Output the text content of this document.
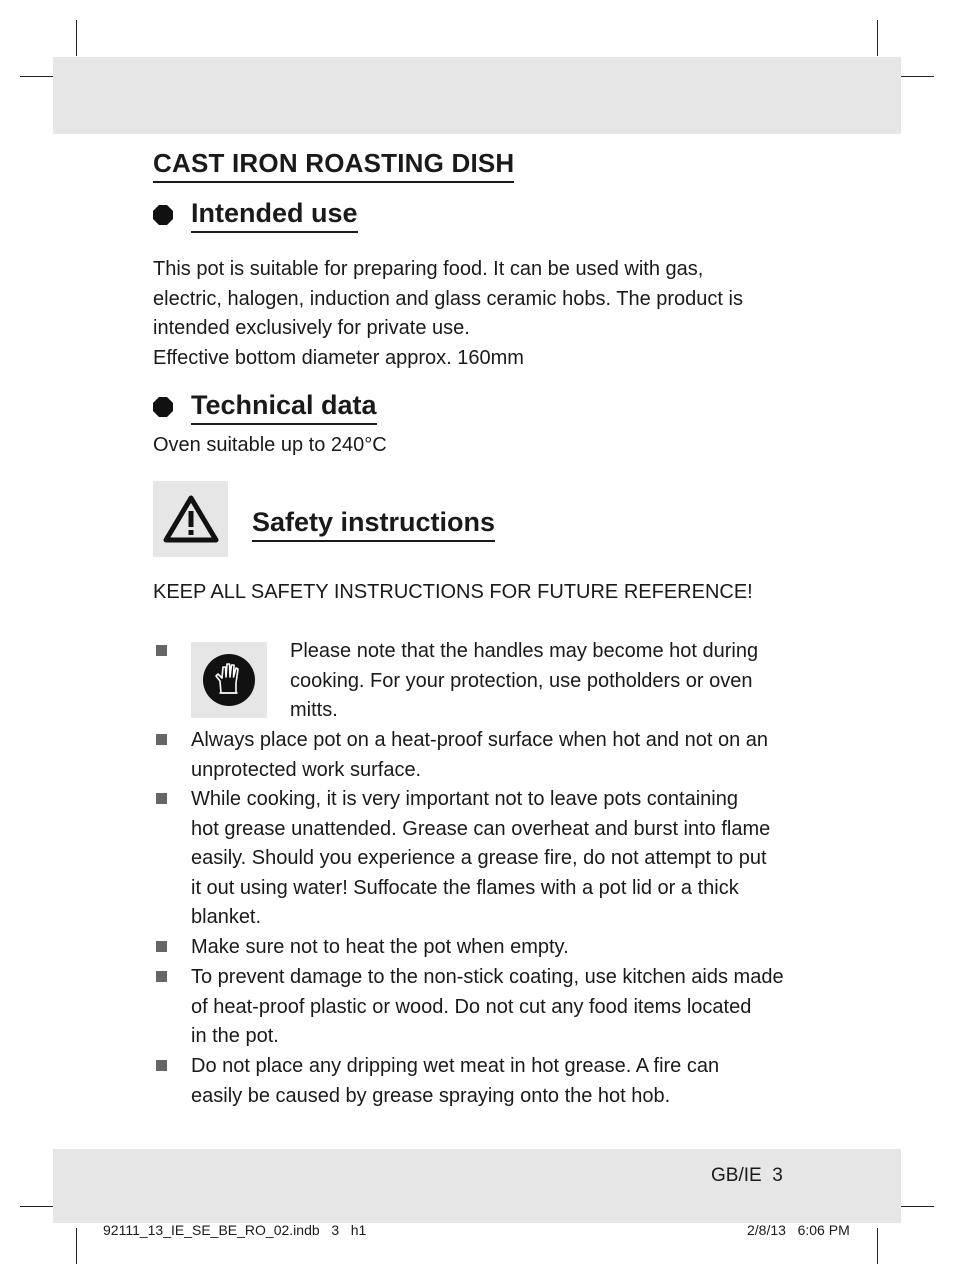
CAST IRON ROASTING DISH
Intended use

This pot is suitable for preparing food. It can be used with gas,
electric, halogen, induction and glass ceramic hobs. The product is
intended exclusively for private use.
Effective bottom diameter approx. 160mm

Technical data

Oven suitable up to 240°C

Safety instructions

KEEP ALL SAFETY INSTRUCTIONS FOR FUTURE REFERENCE!

Please note that the handles may become hot during
cooking. For your protection, use potholders or oven
mitts.

Always place pot on a heat-proof surface when hot and not on an
unprotected work surface.

While cooking, it is very important not to leave pots containing
hot grease unattended. Grease can overheat and burst into flame
easily. Should you experience a grease fire, do not attempt to put
it out using water! Suffocate the flames with a pot lid or a thick
blanket.

Make sure not to heat the pot when empty.

To prevent damage to the non-stick coating, use kitchen aids made
of heat-proof plastic or wood. Do not cut any food items located
in the pot.

Do not place any dripping wet meat in hot grease. A fire can
easily be caused by grease spraying onto the hot hob.

GB/IE 3

92111_13_IE_SE_BE_RO_02.indb   3   h1	2/8/13   6:06 PM
